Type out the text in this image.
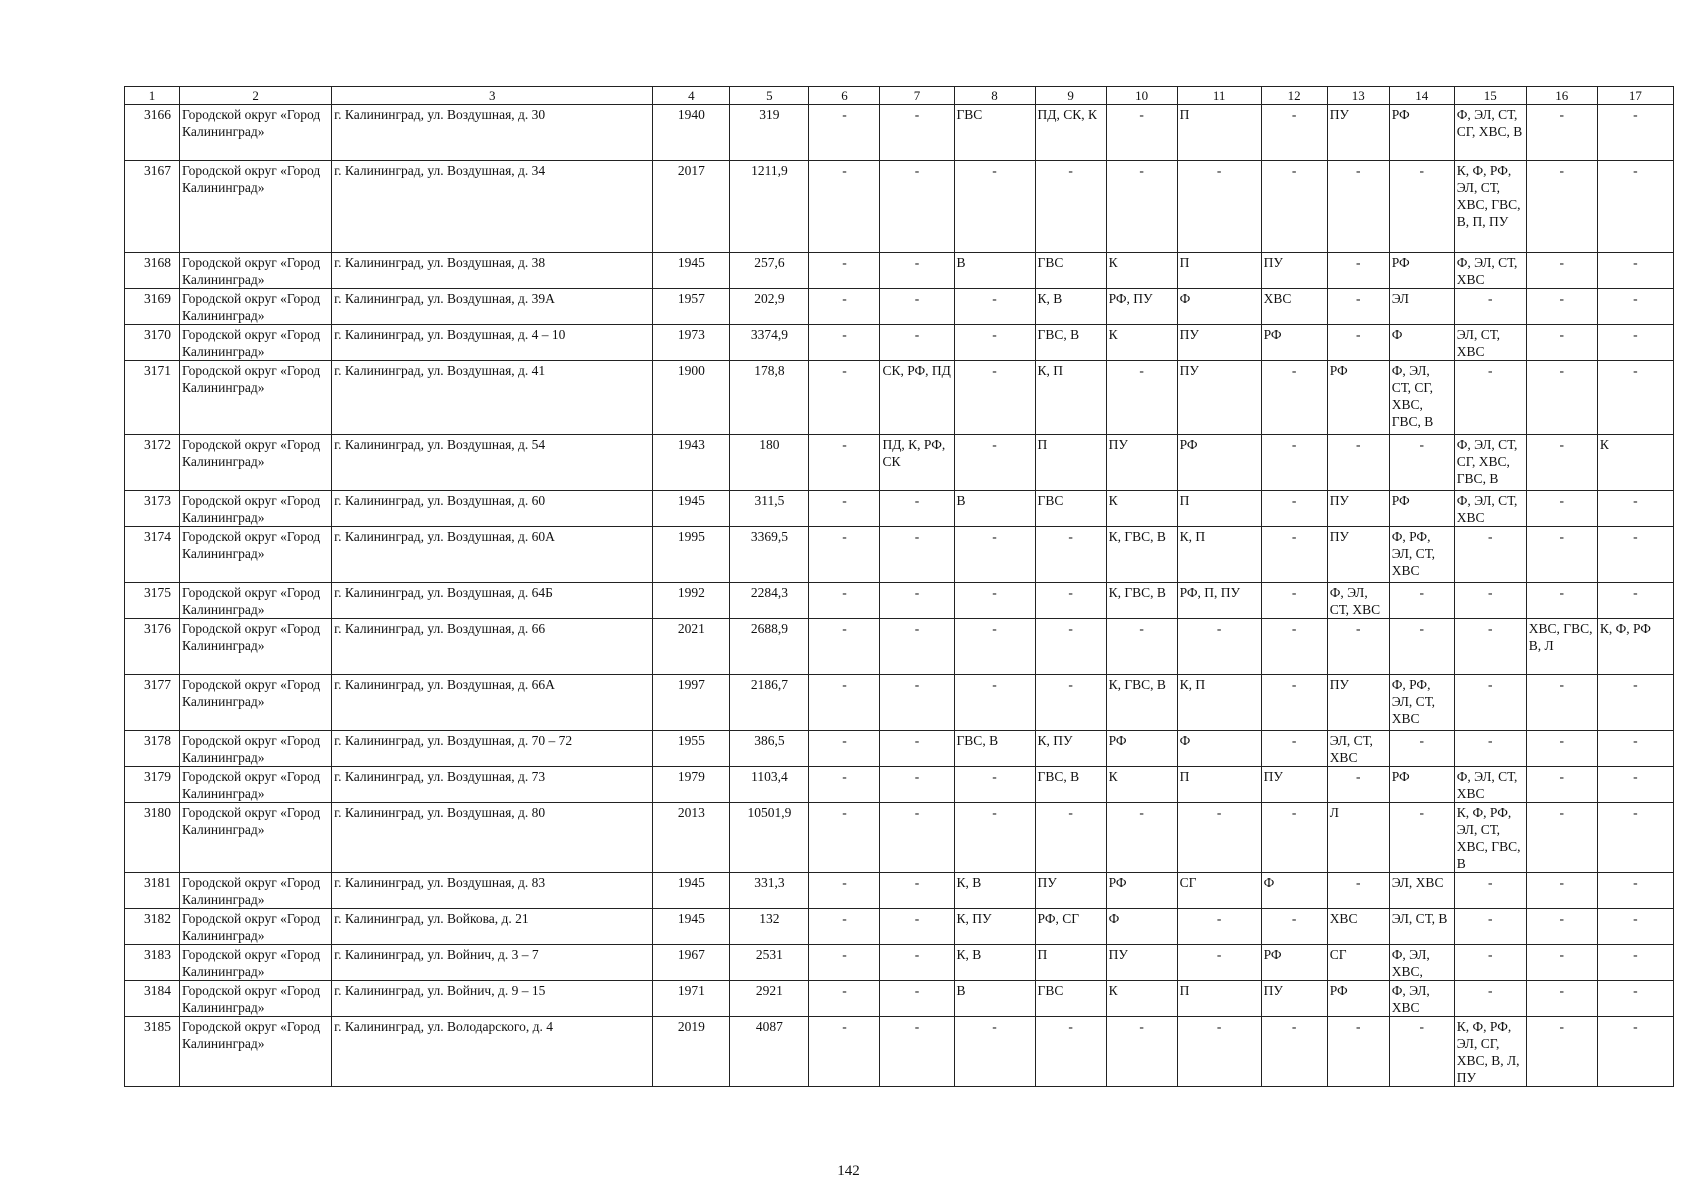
1	2	3	4	5	6	7	8	9	10	11	12	13	14	15	16	17
3166	Городской округ «Город Калининград»	г. Калининград, ул. Воздушная, д. 30	1940	319	-	-	ГВС	ПД, СК, К	-	П	-	ПУ	РФ	Ф, ЭЛ, СТ, СГ, ХВС, В	-	-
3167	Городской округ «Город Калининград»	г. Калининград, ул. Воздушная, д. 34	2017	1211,9	-	-	-	-	-	-	-	-	-	К, Ф, РФ, ЭЛ, СТ, ХВС, ГВС, В, П, ПУ	-	-
3168	Городской округ «Город Калининград»	г. Калининград, ул. Воздушная, д. 38	1945	257,6	-	-	В	ГВС	К	П	ПУ	-	РФ	Ф, ЭЛ, СТ, ХВС	-	-
3169	Городской округ «Город Калининград»	г. Калининград, ул. Воздушная, д. 39А	1957	202,9	-	-	-	К, В	РФ, ПУ	Ф	ХВС	-	ЭЛ	-	-	-
3170	Городской округ «Город Калининград»	г. Калининград, ул. Воздушная, д. 4 – 10	1973	3374,9	-	-	-	ГВС, В	К	ПУ	РФ	-	Ф	ЭЛ, СТ, ХВС	-	-
3171	Городской округ «Город Калининград»	г. Калининград, ул. Воздушная, д. 41	1900	178,8	-	СК, РФ, ПД	-	К, П	-	ПУ	-	РФ	Ф, ЭЛ, СТ, СГ, ХВС, ГВС, В	-	-	-
3172	Городской округ «Город Калининград»	г. Калининград, ул. Воздушная, д. 54	1943	180	-	ПД, К, РФ, СК	-	П	ПУ	РФ	-	-	-	Ф, ЭЛ, СТ, СГ, ХВС, ГВС, В	-	К
3173	Городской округ «Город Калининград»	г. Калининград, ул. Воздушная, д. 60	1945	311,5	-	-	В	ГВС	К	П	-	ПУ	РФ	Ф, ЭЛ, СТ, ХВС	-	-
3174	Городской округ «Город Калининград»	г. Калининград, ул. Воздушная, д. 60А	1995	3369,5	-	-	-	-	К, ГВС, В	К, П	-	ПУ	Ф, РФ, ЭЛ, СТ, ХВС	-	-	-
3175	Городской округ «Город Калининград»	г. Калининград, ул. Воздушная, д. 64Б	1992	2284,3	-	-	-	-	К, ГВС, В	РФ, П, ПУ	-	Ф, ЭЛ, СТ, ХВС	-	-	-	-
3176	Городской округ «Город Калининград»	г. Калининград, ул. Воздушная, д. 66	2021	2688,9	-	-	-	-	-	-	-	-	-	-	ХВС, ГВС, В, Л	К, Ф, РФ
3177	Городской округ «Город Калининград»	г. Калининград, ул. Воздушная, д. 66А	1997	2186,7	-	-	-	-	К, ГВС, В	К, П	-	ПУ	Ф, РФ, ЭЛ, СТ, ХВС	-	-	-
3178	Городской округ «Город Калининград»	г. Калининград, ул. Воздушная, д. 70 – 72	1955	386,5	-	-	ГВС, В	К, ПУ	РФ	Ф	-	ЭЛ, СТ, ХВС	-	-	-	-
3179	Городской округ «Город Калининград»	г. Калининград, ул. Воздушная, д. 73	1979	1103,4	-	-	-	ГВС, В	К	П	ПУ	-	РФ	Ф, ЭЛ, СТ, ХВС	-	-
3180	Городской округ «Город Калининград»	г. Калининград, ул. Воздушная, д. 80	2013	10501,9	-	-	-	-	-	-	-	Л	-	К, Ф, РФ, ЭЛ, СТ, ХВС, ГВС, В	-	-
3181	Городской округ «Город Калининград»	г. Калининград, ул. Воздушная, д. 83	1945	331,3	-	-	К, В	ПУ	РФ	СГ	Ф	-	ЭЛ, ХВС	-	-	-
3182	Городской округ «Город Калининград»	г. Калининград, ул. Войкова, д. 21	1945	132	-	-	К, ПУ	РФ, СГ	Ф	-	-	ХВС	ЭЛ, СТ, В	-	-	-
3183	Городской округ «Город Калининград»	г. Калининград, ул. Войнич, д. 3 – 7	1967	2531	-	-	К, В	П	ПУ	-	РФ	СГ	Ф, ЭЛ, ХВС,	-	-	-
3184	Городской округ «Город Калининград»	г. Калининград, ул. Войнич, д. 9 – 15	1971	2921	-	-	В	ГВС	К	П	ПУ	РФ	Ф, ЭЛ, ХВС	-	-	-
3185	Городской округ «Город Калининград»	г. Калининград, ул. Володарского, д. 4	2019	4087	-	-	-	-	-	-	-	-	-	К, Ф, РФ, ЭЛ, СГ, ХВС, В, Л, ПУ	-	-
142
